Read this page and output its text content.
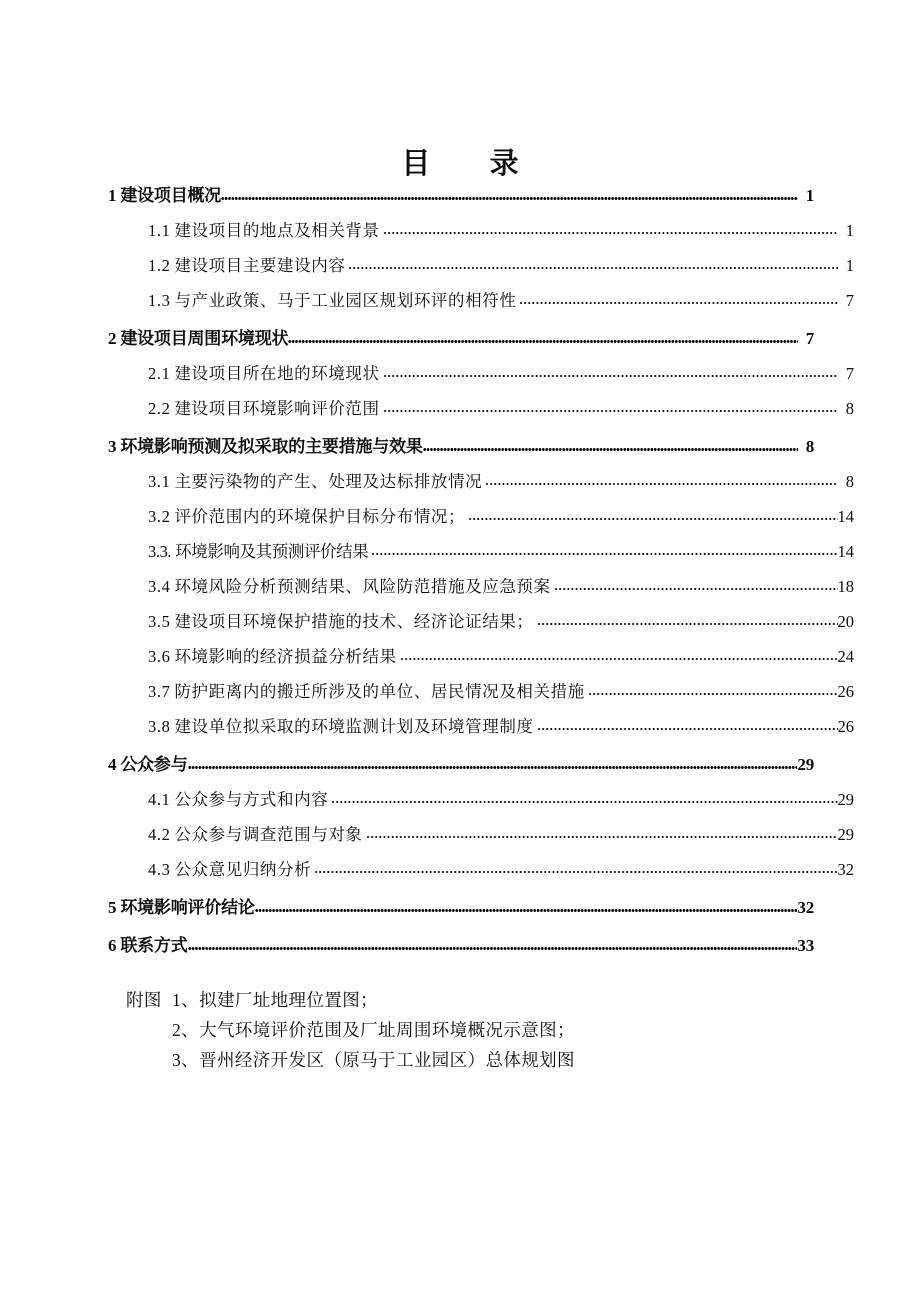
目 录
1 建设项目概况	1
1.1 建设项目的地点及相关背景	1
1.2 建设项目主要建设内容	1
1.3 与产业政策、马于工业园区规划环评的相符性	7
2 建设项目周围环境现状	7
2.1 建设项目所在地的环境现状	7
2.2 建设项目环境影响评价范围	8
3 环境影响预测及拟采取的主要措施与效果	8
3.1 主要污染物的产生、处理及达标排放情况	8
3.2 评价范围内的环境保护目标分布情况；	14
3.3. 环境影响及其预测评价结果	14
3.4 环境风险分析预测结果、风险防范措施及应急预案	18
3.5 建设项目环境保护措施的技术、经济论证结果；	20
3.6 环境影响的经济损益分析结果	24
3.7 防护距离内的搬迁所涉及的单位、居民情况及相关措施	26
3.8 建设单位拟采取的环境监测计划及环境管理制度	26
4 公众参与	29
4.1 公众参与方式和内容	29
4.2 公众参与调查范围与对象	29
4.3 公众意见归纳分析	32
5 环境影响评价结论	32
6 联系方式	33
附图 1、拟建厂址地理位置图；
2、大气环境评价范围及厂址周围环境概况示意图；
3、晋州经济开发区（原马于工业园区）总体规划图
